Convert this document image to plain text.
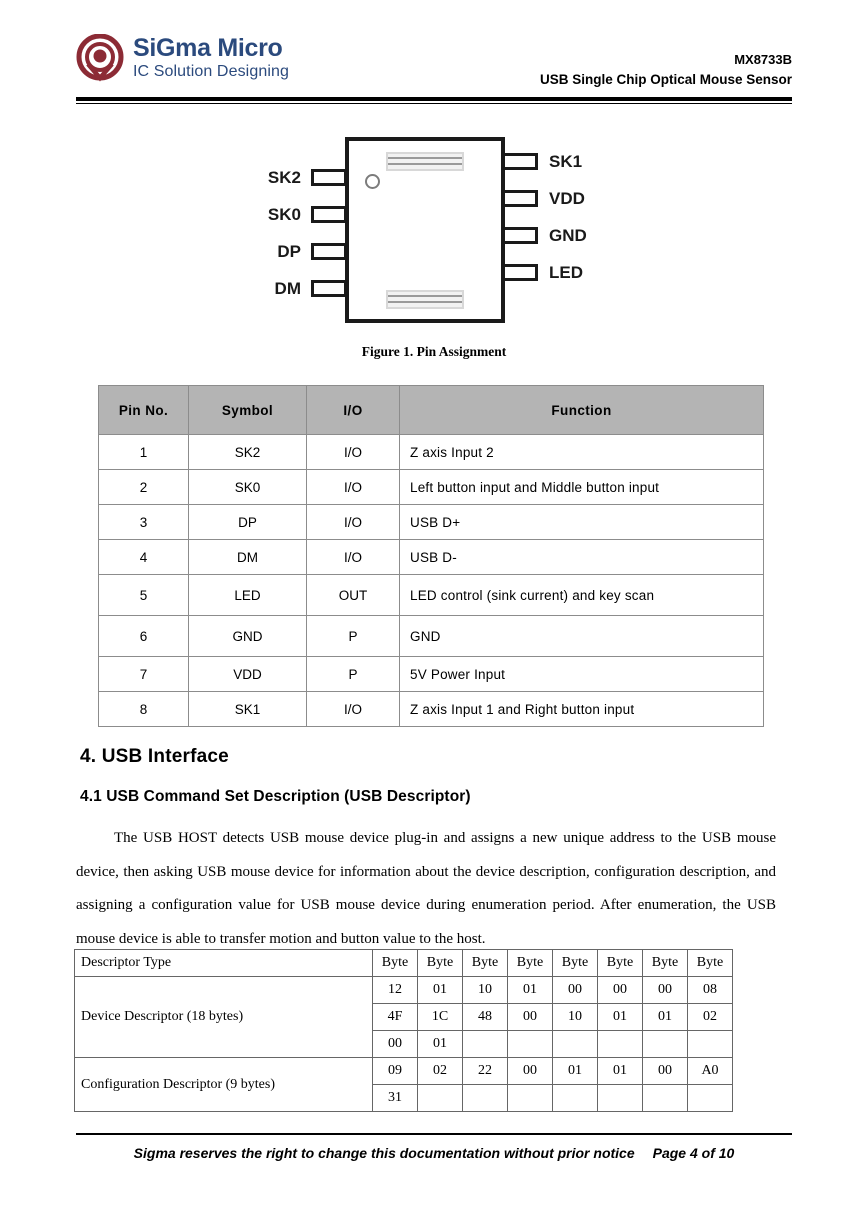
SiGma Micro
IC Solution Designing
MX8733B
USB Single Chip Optical Mouse Sensor
SK2
SK0
DP
DM
SK1
VDD
GND
LED
Figure 1. Pin Assignment
Pin No.	Symbol	I/O	Function
1	SK2	I/O	Z axis Input 2
2	SK0	I/O	Left button input and Middle button input
3	DP	I/O	USB D+
4	DM	I/O	USB D-
5	LED	OUT	LED control (sink current) and key scan
6	GND	P	GND
7	VDD	P	5V Power Input
8	SK1	I/O	Z axis Input 1 and Right button input
4. USB Interface
4.1 USB Command Set Description (USB Descriptor)
The USB HOST detects USB mouse device plug-in and assigns a new unique address to the USB mouse device, then asking USB mouse device for information about the device description, configuration description, and assigning a configuration value for USB mouse device during enumeration period. After enumeration, the USB mouse device is able to transfer motion and button value to the host.
Descriptor Type	Byte	Byte	Byte	Byte	Byte	Byte	Byte	Byte
Device Descriptor (18 bytes)	12	01	10	01	00	00	00	08
	4F	1C	48	00	10	01	01	02
	00	01						
Configuration Descriptor (9 bytes)	09	02	22	00	01	01	00	A0
	31							
Sigma reserves the right to change this documentation without prior notice	Page 4 of 10
